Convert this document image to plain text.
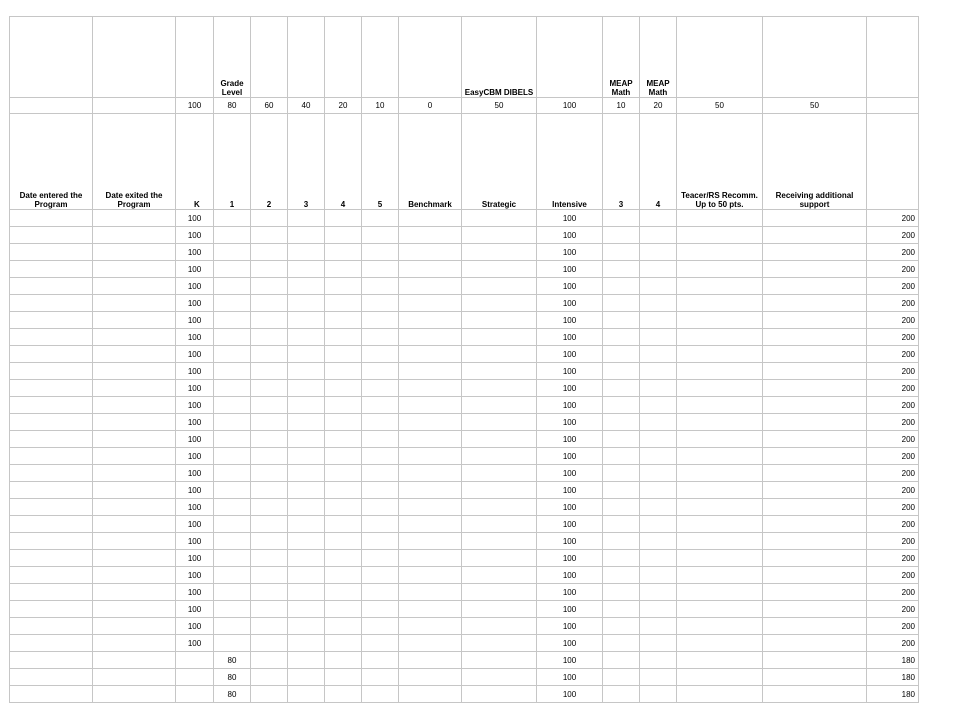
			Grade Level						EasyCBM DIBELS		MEAP Math	MEAP Math			
		100	80	60	40	20	10	0	50	100	10	20	50	50	
Date entered the Program	Date exited the Program	K	1	2	3	4	5	Benchmark	Strategic	Intensive	3	4	Teacer/RS Recomm. Up to 50 pts.	Receiving additional support	
		100								100					200
		100								100					200
		100								100					200
		100								100					200
		100								100					200
		100								100					200
		100								100					200
		100								100					200
		100								100					200
		100								100					200
		100								100					200
		100								100					200
		100								100					200
		100								100					200
		100								100					200
		100								100					200
		100								100					200
		100								100					200
		100								100					200
		100								100					200
		100								100					200
		100								100					200
		100								100					200
		100								100					200
		100								100					200
		100								100					200
			80							100					180
			80							100					180
			80							100					180
